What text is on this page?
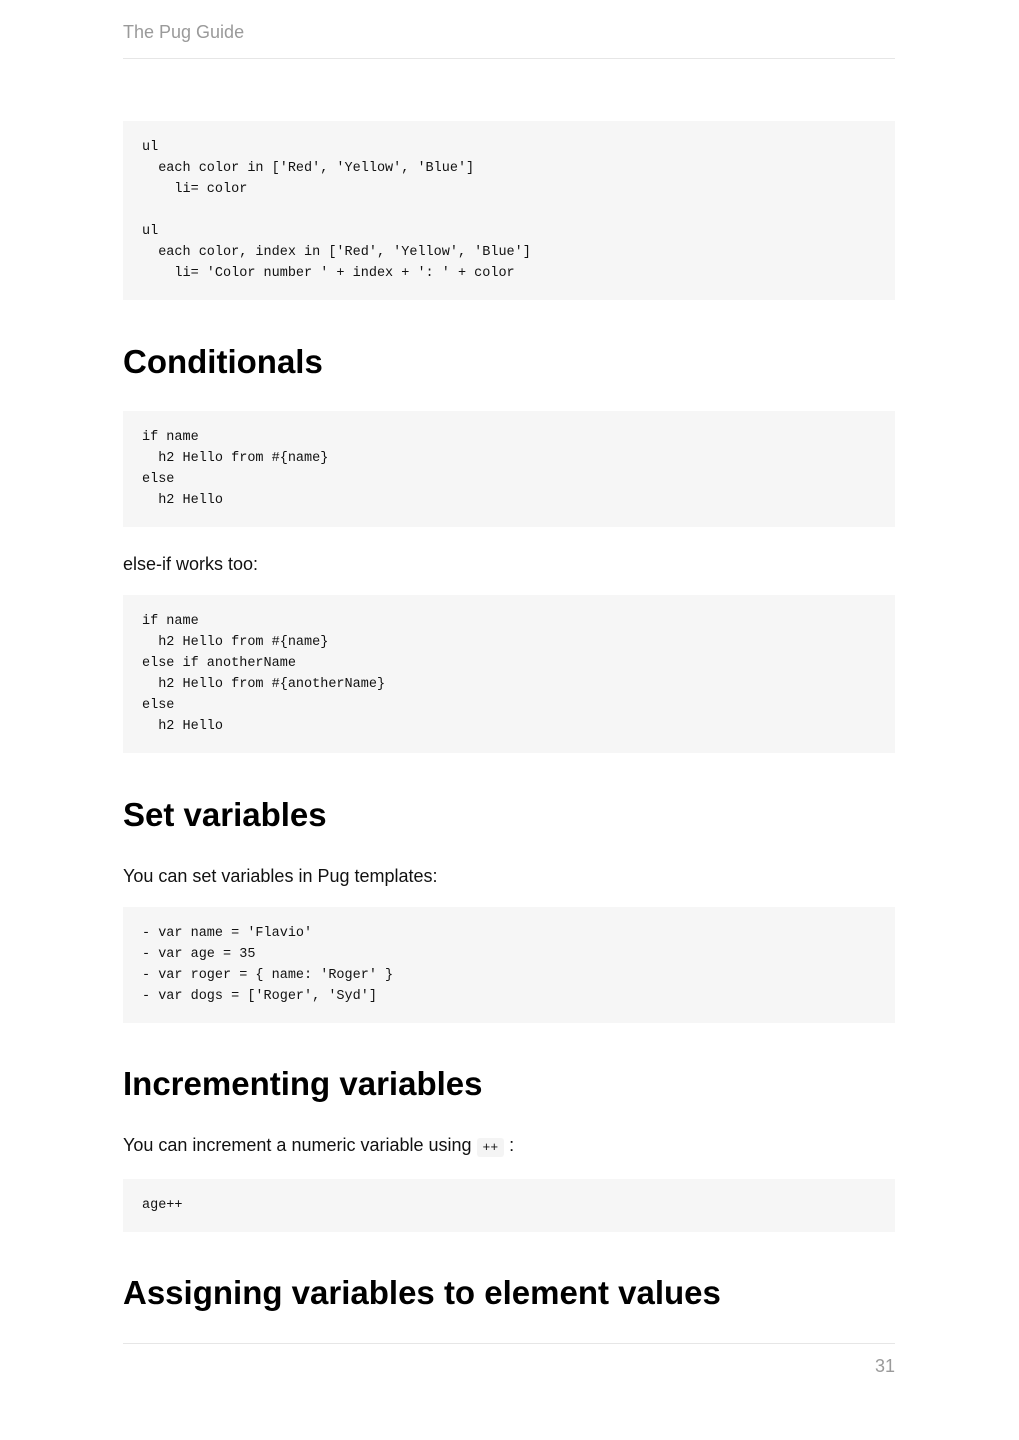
The Pug Guide
ul
each color in ['Red', 'Yellow', 'Blue']
li= color

ul
each color, index in ['Red', 'Yellow', 'Blue']
li= 'Color number ' + index + ': ' + color
Conditionals
if name
h2 Hello from #{name}
else
h2 Hello

else-if works too:

if name
h2 Hello from #{name}
else if anotherName
h2 Hello from #{anotherName}
else
h2 Hello
Set variables

You can set variables in Pug templates:

- var name = 'Flavio'
- var age = 35
- var roger = { name: 'Roger' }
- var dogs = ['Roger', 'Syd']
Incrementing variables

You can increment a numeric variable using ++ :

age++
Assigning variables to element values
31
